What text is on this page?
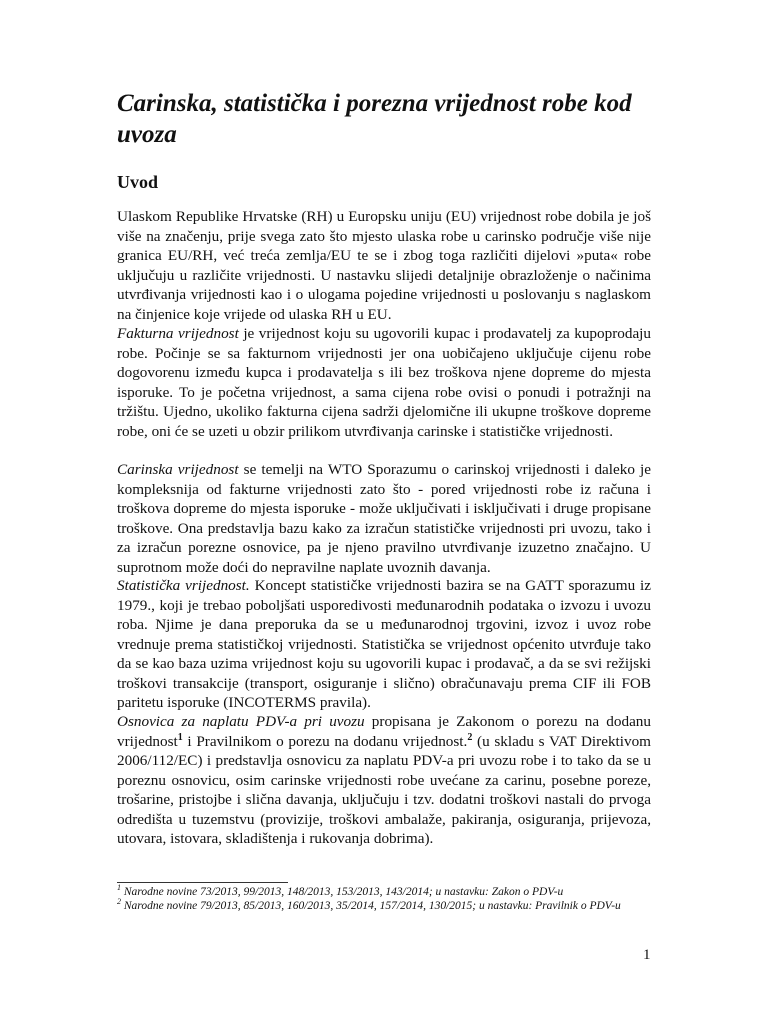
Carinska, statistička i porezna vrijednost robe kod uvoza
Uvod

Ulaskom Republike Hrvatske (RH) u Europsku uniju (EU) vrijednost robe dobila je još više na značenju, prije svega zato što mjesto ulaska robe u carinsko područje više nije granica EU/RH, već treća zemlja/EU te se i zbog toga različiti dijelovi »puta« robe uključuju u različite vrijednosti. U nastavku slijedi detaljnije obrazloženje o načinima utvrđivanja vrijednosti kao i o ulogama pojedine vrijednosti u poslovanju s naglaskom na činjenice koje vrijede od ulaska RH u EU.

Fakturna vrijednost je vrijednost koju su ugovorili kupac i prodavatelj za kupoprodaju robe. Počinje se sa fakturnom vrijednosti jer ona uobičajeno uključuje cijenu robe dogovorenu između kupca i prodavatelja s ili bez troškova njene dopreme do mjesta isporuke. To je početna vrijednost, a sama cijena robe ovisi o ponudi i potražnji na tržištu. Ujedno, ukoliko fakturna cijena sadrži djelomične ili ukupne troškove dopreme robe, oni će se uzeti u obzir prilikom utvrđivanja carinske i statističke vrijednosti.

Carinska vrijednost se temelji na WTO Sporazumu o carinskoj vrijednosti i daleko je kompleksnija od fakturne vrijednosti zato što - pored vrijednosti robe iz računa i troškova dopreme do mjesta isporuke - može uključivati i isključivati i druge propisane troškove. Ona predstavlja bazu kako za izračun statističke vrijednosti pri uvozu, tako i za izračun porezne osnovice, pa je njeno pravilno utvrđivanje izuzetno značajno. U suprotnom može doći do nepravilne naplate uvoznih davanja.

Statistička vrijednost. Koncept statističke vrijednosti bazira se na GATT sporazumu iz 1979., koji je trebao poboljšati usporedivosti međunarodnih podataka o izvozu i uvozu roba. Njime je dana preporuka da se u međunarodnoj trgovini, izvoz i uvoz robe vrednuje prema statističkoj vrijednosti. Statistička se vrijednost općenito utvrđuje tako da se kao baza uzima vrijednost koju su ugovorili kupac i prodavač, a da se svi režijski troškovi transakcije (transport, osiguranje i slično) obračunavaju prema CIF ili FOB paritetu isporuke (INCOTERMS pravila).

Osnovica za naplatu PDV-a pri uvozu propisana je Zakonom o porezu na dodanu vrijednost$^1$ i Pravilnikom o porezu na dodanu vrijednost.$^2$ (u skladu s VAT Direktivom 2006/112/EC) i predstavlja osnovicu za naplatu PDV-a pri uvozu robe i to tako da se u poreznu osnovicu, osim carinske vrijednosti robe uvećane za carinu, posebne poreze, trošarine, pristojbe i slična davanja, uključuju i tzv. dodatni troškovi nastali do prvoga odredišta u tuzemstvu (provizije, troškovi ambalaže, pakiranja, osiguranja, prijevoza, utovara, istovara, skladištenja i rukovanja dobrima).

$^1$ Narodne novine 73/2013, 99/2013, 148/2013, 153/2013, 143/2014; u nastavku: Zakon o PDV-u

$^2$ Narodne novine 79/2013, 85/2013, 160/2013, 35/2014, 157/2014, 130/2015; u nastavku: Pravilnik o PDV-u

1
